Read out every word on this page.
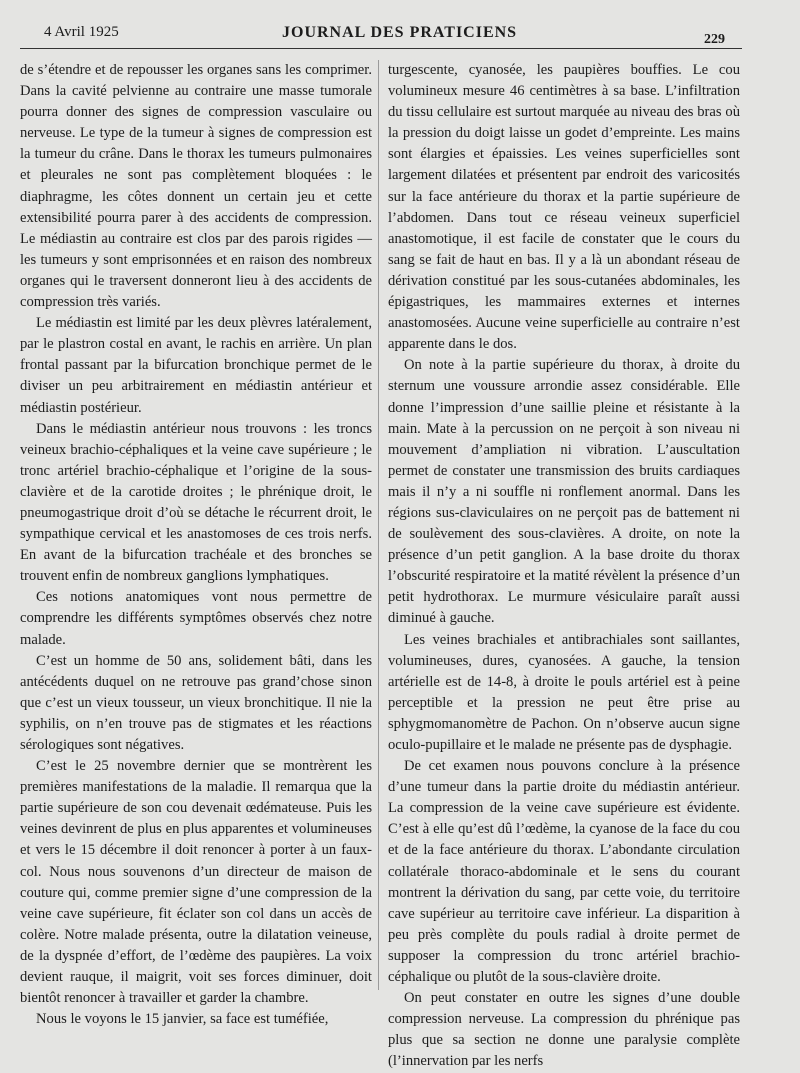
4 Avril 1925	JOURNAL DES PRATICIENS	229

de s’étendre et de repousser les organes sans les comprimer. Dans la cavité pelvienne au contraire une masse tumorale pourra donner des signes de compression vasculaire ou nerveuse. Le type de la tumeur à signes de compression est la tumeur du crâne. Dans le thorax les tumeurs pulmonaires et pleurales ne sont pas complètement bloquées : le diaphragme, les côtes donnent un certain jeu et cette extensibilité pourra parer à des accidents de compression. Le médiastin au contraire est clos par des parois rigides — les tumeurs y sont emprisonnées et en raison des nombreux organes qui le traversent donneront lieu à des accidents de compression très variés.

Le médiastin est limité par les deux plèvres latéralement, par le plastron costal en avant, le rachis en arrière. Un plan frontal passant par la bifurcation bronchique permet de le diviser un peu arbitrairement en médiastin antérieur et médiastin postérieur.

Dans le médiastin antérieur nous trouvons : les troncs veineux brachio-céphaliques et la veine cave supérieure ; le tronc artériel brachio-céphalique et l’origine de la sous-clavière et de la carotide droites ; le phrénique droit, le pneumogastrique droit d’où se détache le récurrent droit, le sympathique cervical et les anastomoses de ces trois nerfs. En avant de la bifurcation trachéale et des bronches se trouvent enfin de nombreux ganglions lymphatiques.

Ces notions anatomiques vont nous permettre de comprendre les différents symptômes observés chez notre malade.

C’est un homme de 50 ans, solidement bâti, dans les antécédents duquel on ne retrouve pas grand’chose sinon que c’est un vieux tousseur, un vieux bronchitique. Il nie la syphilis, on n’en trouve pas de stigmates et les réactions sérologiques sont négatives.

C’est le 25 novembre dernier que se montrèrent les premières manifestations de la maladie. Il remarqua que la partie supérieure de son cou devenait œdémateuse. Puis les veines devinrent de plus en plus apparentes et volumineuses et vers le 15 décembre il doit renoncer à porter à un faux-col. Nous nous souvenons d’un directeur de maison de couture qui, comme premier signe d’une compression de la veine cave supérieure, fit éclater son col dans un accès de colère. Notre malade présenta, outre la dilatation veineuse, de la dyspnée d’effort, de l’œdème des paupières. La voix devient rauque, il maigrit, voit ses forces diminuer, doit bientôt renoncer à travailler et garder la chambre.

Nous le voyons le 15 janvier, sa face est tuméfiée,

turgescente, cyanosée, les paupières bouffies. Le cou volumineux mesure 46 centimètres à sa base. L’infiltration du tissu cellulaire est surtout marquée au niveau des bras où la pression du doigt laisse un godet d’empreinte. Les mains sont élargies et épaissies. Les veines superficielles sont largement dilatées et présentent par endroit des varicosités sur la face antérieure du thorax et la partie supérieure de l’abdomen. Dans tout ce réseau veineux superficiel anastomotique, il est facile de constater que le cours du sang se fait de haut en bas. Il y a là un abondant réseau de dérivation constitué par les sous-cutanées abdominales, les épigastriques, les mammaires externes et internes anastomosées. Aucune veine superficielle au contraire n’est apparente dans le dos.

On note à la partie supérieure du thorax, à droite du sternum une voussure arrondie assez considérable. Elle donne l’impression d’une saillie pleine et résistante à la main. Mate à la percussion on ne perçoit à son niveau ni mouvement d’ampliation ni vibration. L’auscultation permet de constater une transmission des bruits cardiaques mais il n’y a ni souffle ni ronflement anormal. Dans les régions sus-claviculaires on ne perçoit pas de battement ni de soulèvement des sous-clavières. A droite, on note la présence d’un petit ganglion. A la base droite du thorax l’obscurité respiratoire et la matité révèlent la présence d’un petit hydrothorax. Le murmure vésiculaire paraît aussi diminué à gauche.

Les veines brachiales et antibrachiales sont saillantes, volumineuses, dures, cyanosées. A gauche, la tension artérielle est de 14-8, à droite le pouls artériel est à peine perceptible et la pression ne peut être prise au sphygmomanomètre de Pachon. On n’observe aucun signe oculo-pupillaire et le malade ne présente pas de dysphagie.

De cet examen nous pouvons conclure à la présence d’une tumeur dans la partie droite du médiastin antérieur. La compression de la veine cave supérieure est évidente. C’est à elle qu’est dû l’œdème, la cyanose de la face du cou et de la face antérieure du thorax. L’abondante circulation collatérale thoraco-abdominale et le sens du courant montrent la dérivation du sang, par cette voie, du territoire cave supérieur au territoire cave inférieur. La disparition à peu près complète du pouls radial à droite permet de supposer la compression du tronc artériel brachio-céphalique ou plutôt de la sous-clavière droite.

On peut constater en outre les signes d’une double compression nerveuse. La compression du phrénique pas plus que sa section ne donne une paralysie complète (l’innervation par les nerfs
